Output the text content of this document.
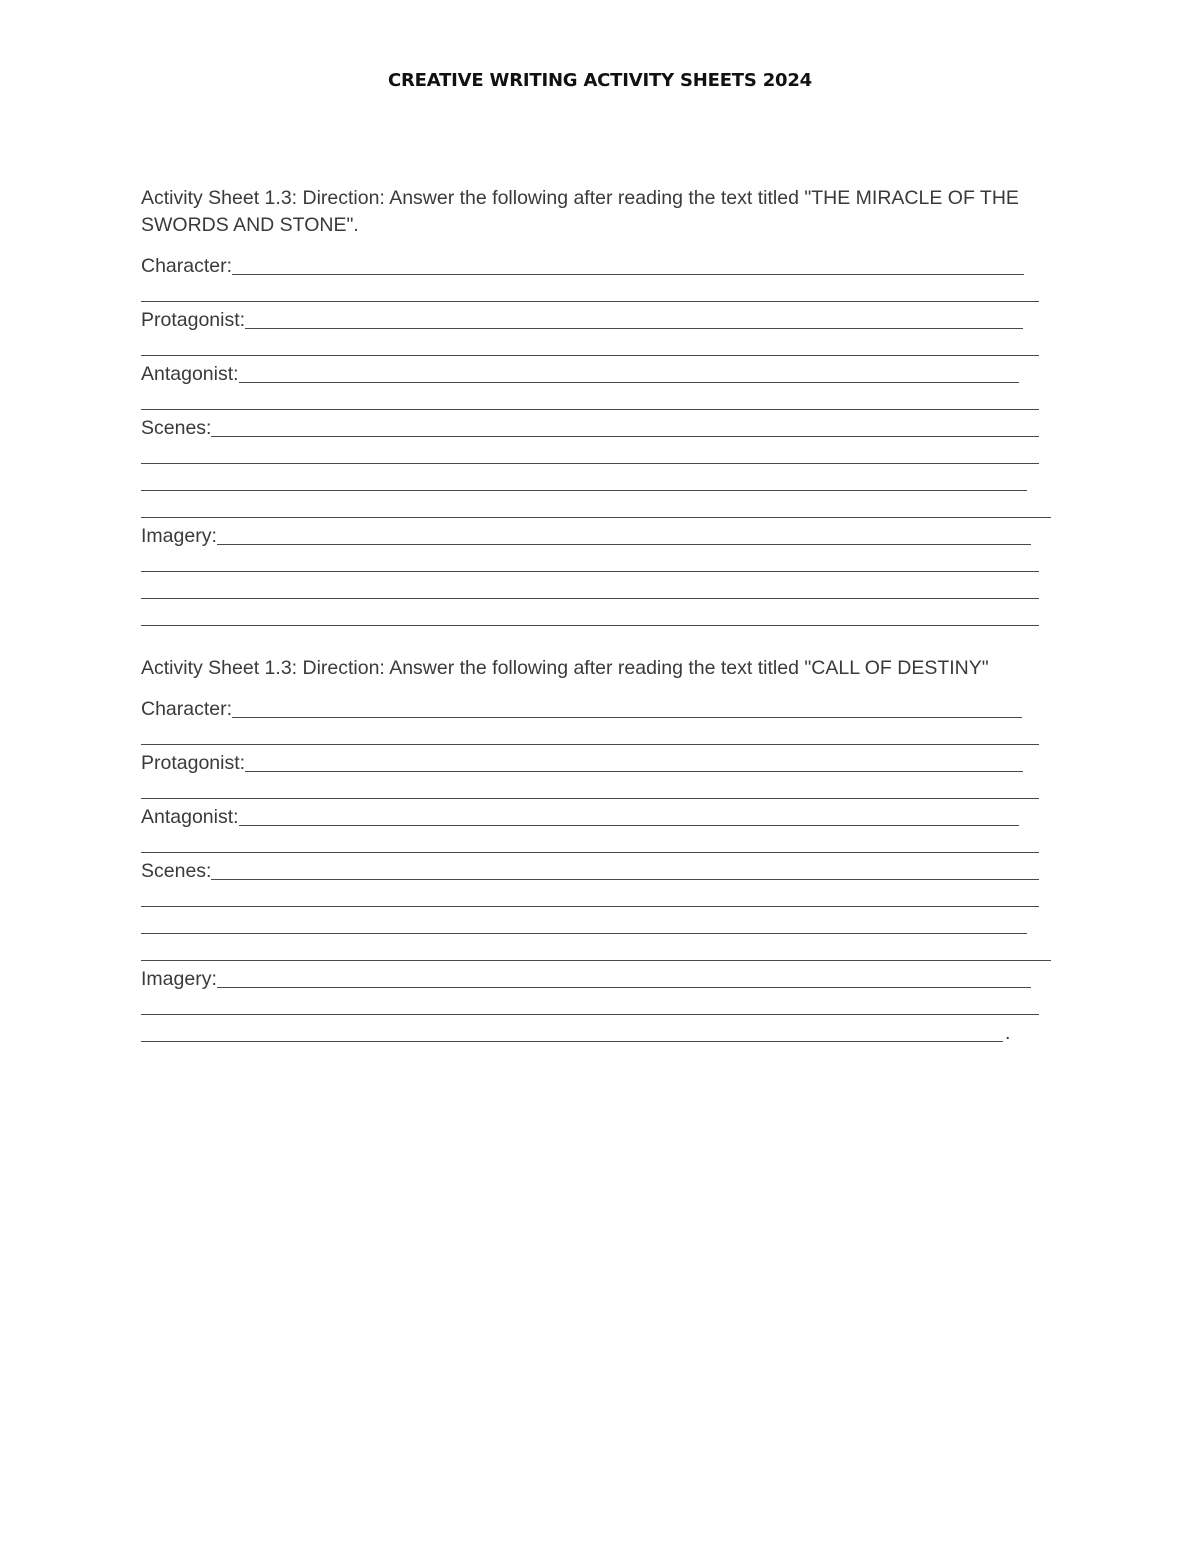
CREATIVE WRITING ACTIVITY SHEETS 2024
Activity Sheet 1.3: Direction: Answer the following after reading the text titled "THE MIRACLE OF THE SWORDS AND STONE".
Character:
Protagonist:
Antagonist:
Scenes:
Imagery:
Activity Sheet 1.3: Direction: Answer the following after reading the text titled "CALL OF DESTINY"
Character:
Protagonist:
Antagonist:
Scenes:
Imagery:
.
